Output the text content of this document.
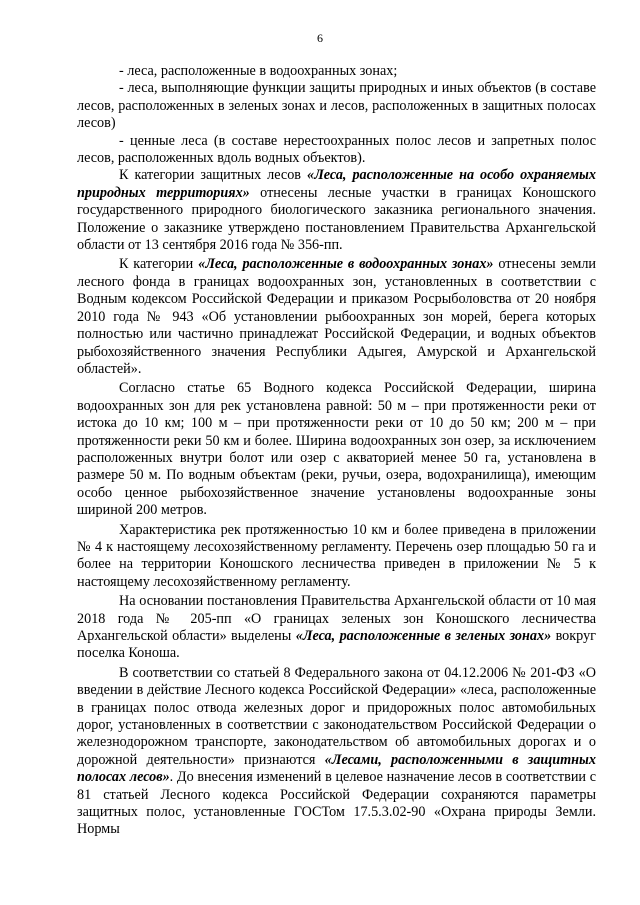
6

- леса, расположенные в водоохранных зонах;

- леса, выполняющие функции защиты природных и иных объектов (в составе лесов, расположенных в зеленых зонах и лесов, расположенных в защитных полосах лесов)

- ценные леса (в составе нерестоохранных полос лесов и запретных полос лесов, расположенных вдоль водных объектов).

К категории защитных лесов «Леса, расположенные на особо охраняемых природных территориях» отнесены лесные участки в границах Коношского государственного природного биологического заказника регионального значения. Положение о заказнике утверждено постановлением Правительства Архангельской области от 13 сентября 2016 года № 356-пп.

К категории «Леса, расположенные в водоохранных зонах» отнесены земли лесного фонда в границах водоохранных зон, установленных в соответствии с Водным кодексом Российской Федерации и приказом Росрыболовства от 20 ноября 2010 года № 943 «Об установлении рыбоохранных зон морей, берега которых полностью или частично принадлежат Российской Федерации, и водных объектов рыбохозяйственного значения Республики Адыгея, Амурской и Архангельской областей».

Согласно статье 65 Водного кодекса Российской Федерации, ширина водоохранных зон для рек установлена равной: 50 м – при протяженности реки от истока до 10 км; 100 м – при протяженности реки от 10 до 50 км; 200 м – при протяженности реки 50 км и более. Ширина водоохранных зон озер, за исключением расположенных внутри болот или озер с акваторией менее 50 га, установлена в размере 50 м. По водным объектам (реки, ручьи, озера, водохранилища), имеющим особо ценное рыбохозяйственное значение установлены водоохранные зоны шириной 200 метров.

Характеристика рек протяженностью 10 км и более приведена в приложении № 4 к настоящему лесохозяйственному регламенту. Перечень озер площадью 50 га и более на территории Коношского лесничества приведен в приложении № 5 к настоящему лесохозяйственному регламенту.

На основании постановления Правительства Архангельской области от 10 мая 2018 года № 205-пп «О границах зеленых зон Коношского лесничества Архангельской области» выделены «Леса, расположенные в зеленых зонах» вокруг поселка Коноша.

В соответствии со статьей 8 Федерального закона от 04.12.2006 № 201-ФЗ «О введении в действие Лесного кодекса Российской Федерации» «леса, расположенные в границах полос отвода железных дорог и придорожных полос автомобильных дорог, установленных в соответствии с законодательством Российской Федерации о железнодорожном транспорте, законодательством об автомобильных дорогах и о дорожной деятельности» признаются «Лесами, расположенными в защитных полосах лесов». До внесения изменений в целевое назначение лесов в соответствии с 81 статьей Лесного кодекса Российской Федерации сохраняются параметры защитных полос, установленные ГОСТом 17.5.3.02-90 «Охрана природы Земли. Нормы
